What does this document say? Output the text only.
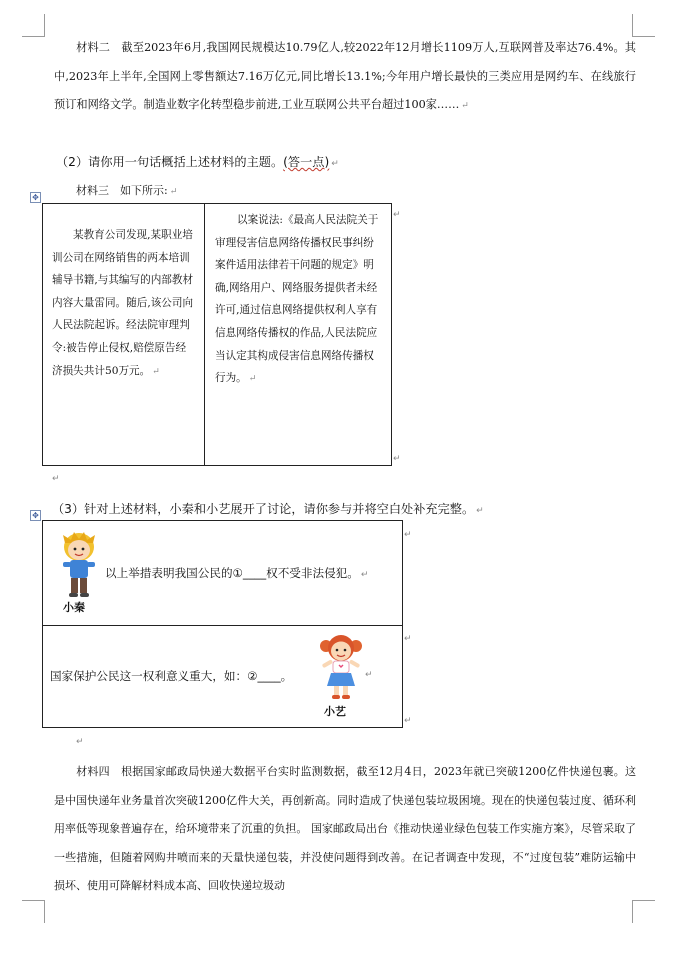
材料二　截至2023年6月,我国网民规模达10.79亿人,较2022年12月增长1109万人,互联网普及率达76.4%。其中,2023年上半年,全国网上零售额达7.16万亿元,同比增长13.1%;今年用户增长最快的三类应用是网约车、在线旅行预订和网络文学。制造业数字化转型稳步前进,工业互联网公共平台超过100家…… ↵
（2）请你用一句话概括上述材料的主题。(答一点) ↵
✥
材料三　如下所示: ↵
某教育公司发现,某职业培训公司在网络销售的两本培训辅导书籍,与其编写的内部教材内容大量雷同。随后,该公司向人民法院起诉。经法院审理判令:被告停止侵权,赔偿原告经济损失共计50万元。 ↵
以案说法:《最高人民法院关于审理侵害信息网络传播权民事纠纷案件适用法律若干问题的规定》明确,网络用户、网络服务提供者未经许可,通过信息网络提供权利人享有信息网络传播权的作品,人民法院应当认定其构成侵害信息网络传播权行为。 ↵
↵
↵
↵
✥ （3）针对上述材料，小秦和小艺展开了讨论，请你参与并将空白处补充完整。 ↵
小秦
以上举措表明我国公民的①____权不受非法侵犯。 ↵
国家保护公民这一权利意义重大，如：②____。
小艺
↵
↵
↵
↵
↵
材料四　根据国家邮政局快递大数据平台实时监测数据，截至12月4日，2023年就已突破1200亿件快递包裹。这是中国快递年业务量首次突破1200亿件大关，再创新高。同时造成了快递包装垃圾困境。现在的快递包装过度、循环利用率低等现象普遍存在，给环境带来了沉重的负担。 国家邮政局出台《推动快递业绿色包装工作实施方案》，尽管采取了一些措施，但随着网购井喷而来的天量快递包装，并没使问题得到改善。在记者调查中发现，不“过度包装”难防运输中损坏、使用可降解材料成本高、回收快递垃圾动
